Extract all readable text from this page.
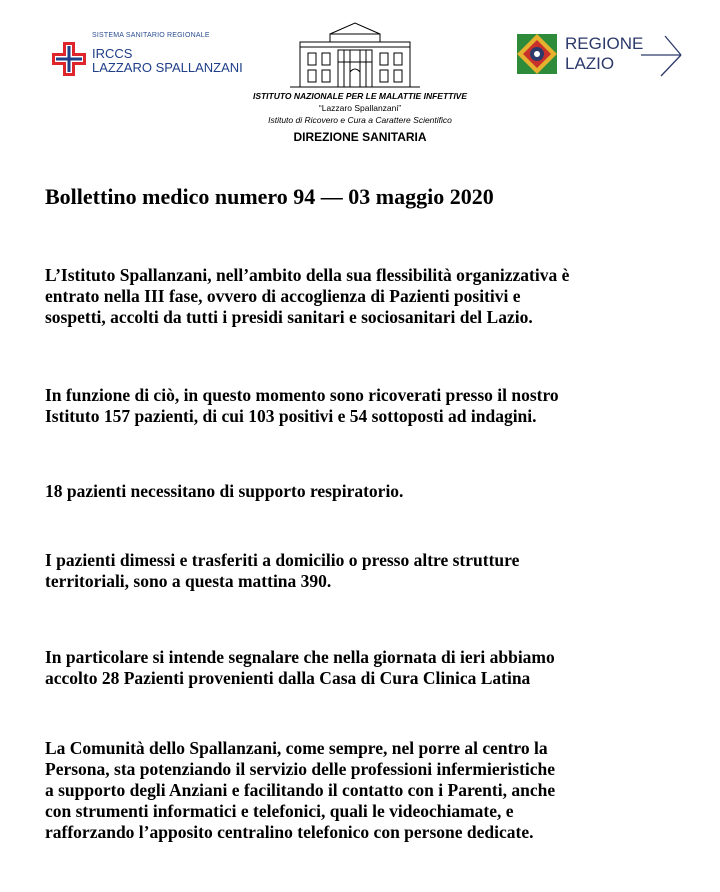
SISTEMA SANITARIO REGIONALE
IRCCS
LAZZARO SPALLANZANI
ISTITUTO NAZIONALE PER LE MALATTIE INFETTIVE
“Lazzaro Spallanzani”
Istituto di Ricovero e Cura a Carattere Scientifico
DIREZIONE SANITARIA
REGIONE
LAZIO
Bollettino medico numero 94 — 03 maggio 2020
L’Istituto Spallanzani, nell’ambito della sua flessibilità organizzativa è
entrato nella III fase, ovvero di accoglienza di Pazienti positivi e
sospetti, accolti da tutti i presidi sanitari e sociosanitari del Lazio.
In funzione di ciò, in questo momento sono ricoverati presso il nostro
Istituto 157 pazienti, di cui 103 positivi e 54 sottoposti ad indagini.
18 pazienti necessitano di supporto respiratorio.
I pazienti dimessi e trasferiti a domicilio o presso altre strutture
territoriali, sono a questa mattina 390.
In particolare si intende segnalare che nella giornata di ieri abbiamo
accolto 28 Pazienti provenienti dalla Casa di Cura Clinica Latina
La Comunità dello Spallanzani, come sempre, nel porre al centro la
Persona, sta potenziando il servizio delle professioni infermieristiche
a supporto degli Anziani e facilitando il contatto con i Parenti, anche
con strumenti informatici e telefonici, quali le videochiamate, e
rafforzando l’apposito centralino telefonico con persone dedicate.
